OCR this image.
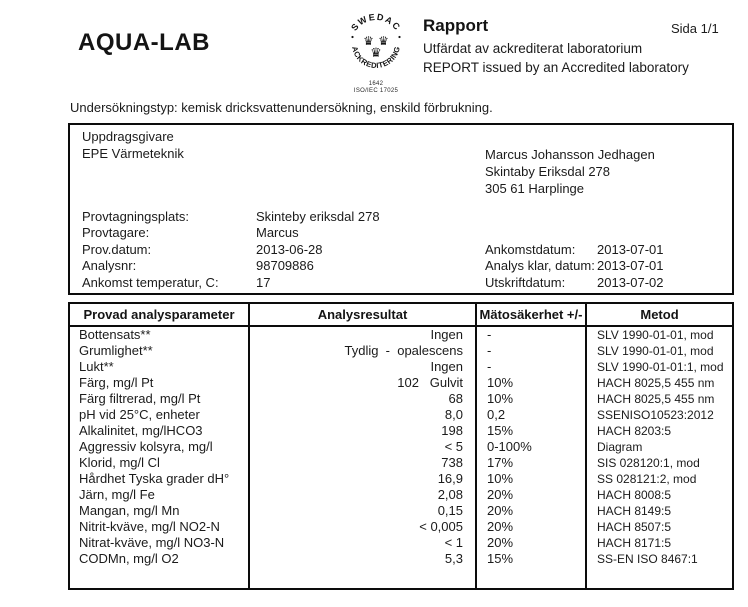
AQUA-LAB
SWEDAC
ACKREDITERING
♛ ♛
♛
1642
ISO/IEC 17025
Rapport	Sida 1/1
Utfärdat av ackrediterat laboratorium
REPORT issued by an Accredited laboratory
Undersökningstyp: kemisk dricksvattenundersökning, enskild förbrukning.
Uppdragsgivare
EPE Värmeteknik	Marcus Johansson Jedhagen
Skintaby Eriksdal 278
305 61 Harplinge
Provtagningsplats:	Skinteby eriksdal 278
Provtagare:	Marcus
Prov.datum:	2013-06-28
Analysnr:	98709886
Ankomst temperatur, C:	17
Ankomstdatum: 2013-07-01
Analys klar, datum: 2013-07-01
Utskriftdatum: 2013-07-02
Provad analysparameter	Analysresultat	Mätosäkerhet +/-	Metod
Bottensats**	Ingen	-	SLV 1990-01-01, mod
Grumlighet**	Tydlig  -  opalescens	-	SLV 1990-01-01, mod
Lukt**	Ingen	-	SLV 1990-01-01:1, mod
Färg, mg/l Pt	102   Gulvit	10%	HACH 8025,5 455 nm
Färg filtrerad, mg/l Pt	68	10%	HACH 8025,5 455 nm
pH vid 25°C, enheter	8,0	0,2	SSENISO10523:2012
Alkalinitet, mg/lHCO3	198	15%	HACH 8203:5
Aggressiv kolsyra, mg/l	< 5	0-100%	Diagram
Klorid, mg/l Cl	738	17%	SIS 028120:1, mod
Hårdhet Tyska grader dH°	16,9	10%	SS 028121:2, mod
Järn, mg/l Fe	2,08	20%	HACH 8008:5
Mangan, mg/l Mn	0,15	20%	HACH 8149:5
Nitrit-kväve, mg/l NO2-N	< 0,005	20%	HACH 8507:5
Nitrat-kväve, mg/l NO3-N	< 1	20%	HACH 8171:5
CODMn, mg/l O2	5,3	15%	SS-EN ISO 8467:1
